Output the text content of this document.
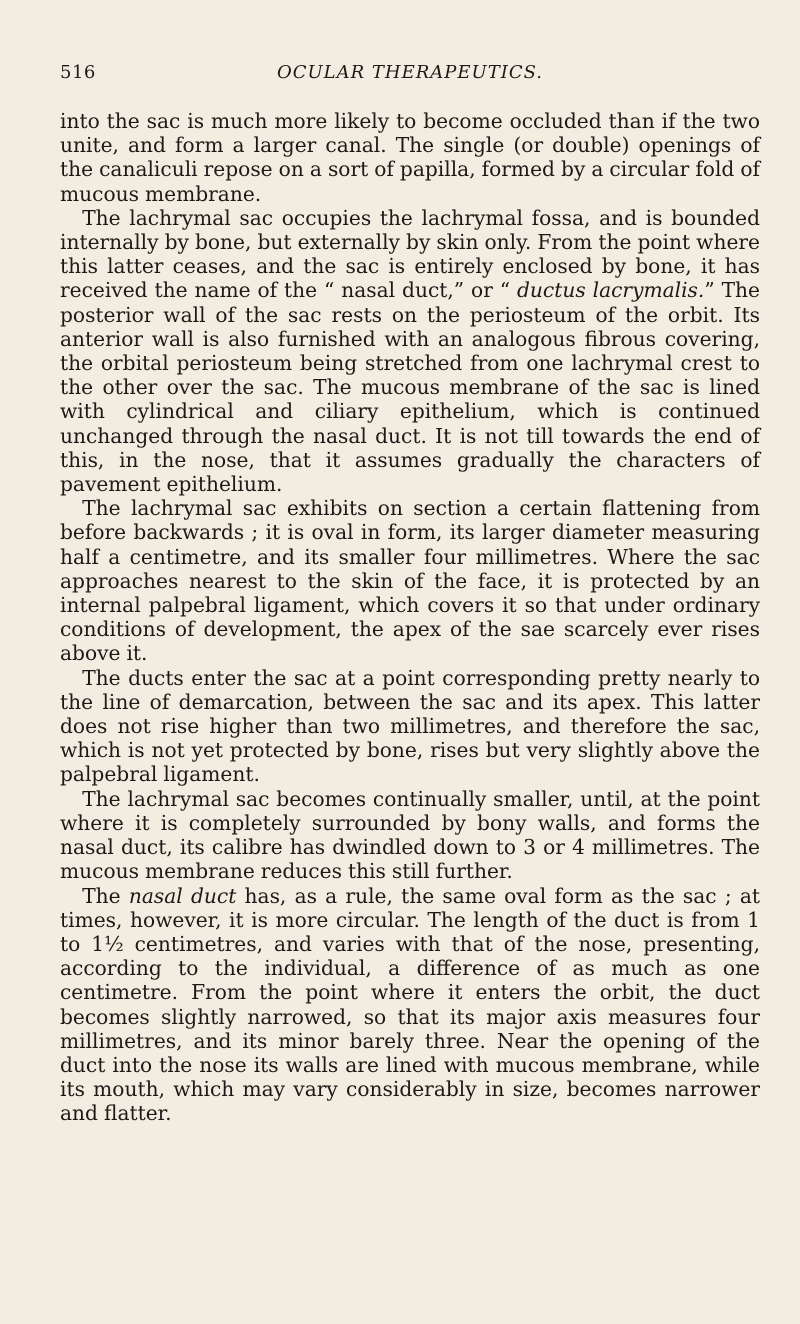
516	OCULAR THERAPEUTICS.

into the sac is much more likely to become occluded than if the two unite, and form a larger canal. The single (or double) openings of the canaliculi repose on a sort of papilla, formed by a circular fold of mucous membrane.

The lachrymal sac occupies the lachrymal fossa, and is bounded internally by bone, but externally by skin only. From the point where this latter ceases, and the sac is entirely enclosed by bone, it has received the name of the “ nasal duct,” or “ ductus lacrymalis.” The posterior wall of the sac rests on the periosteum of the orbit. Its anterior wall is also furnished with an analogous fibrous covering, the orbital periosteum being stretched from one lachrymal crest to the other over the sac. The mucous membrane of the sac is lined with cylindrical and ciliary epithelium, which is continued unchanged through the nasal duct. It is not till towards the end of this, in the nose, that it assumes gradually the characters of pavement epithelium.

The lachrymal sac exhibits on section a certain flattening from before backwards ; it is oval in form, its larger diameter measuring half a centimetre, and its smaller four millimetres. Where the sac approaches nearest to the skin of the face, it is protected by an internal palpebral ligament, which covers it so that under ordinary conditions of development, the apex of the sae scarcely ever rises above it.

The ducts enter the sac at a point corresponding pretty nearly to the line of demarcation, between the sac and its apex. This latter does not rise higher than two millimetres, and therefore the sac, which is not yet protected by bone, rises but very slightly above the palpebral ligament.

The lachrymal sac becomes continually smaller, until, at the point where it is completely surrounded by bony walls, and forms the nasal duct, its calibre has dwindled down to 3 or 4 millimetres. The mucous membrane reduces this still further.

The nasal duct has, as a rule, the same oval form as the sac ; at times, however, it is more circular. The length of the duct is from 1 to 1½ centimetres, and varies with that of the nose, presenting, according to the individual, a difference of as much as one centimetre. From the point where it enters the orbit, the duct becomes slightly narrowed, so that its major axis measures four millimetres, and its minor barely three. Near the opening of the duct into the nose its walls are lined with mucous membrane, while its mouth, which may vary considerably in size, becomes narrower and flatter.
